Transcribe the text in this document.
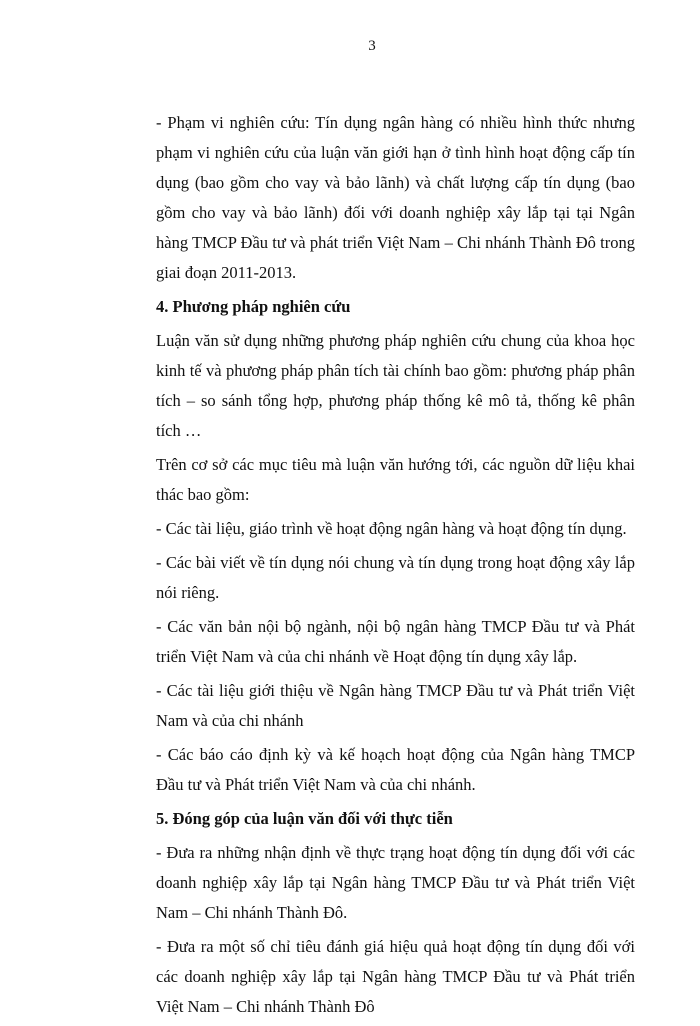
3

- Phạm vi nghiên cứu: Tín dụng ngân hàng có nhiều hình thức nhưng phạm vi nghiên cứu của luận văn giới hạn ở tình hình hoạt động cấp tín dụng (bao gồm cho vay và bảo lãnh) và chất lượng cấp tín dụng (bao gồm cho vay và bảo lãnh) đối với doanh nghiệp xây lắp tại tại Ngân hàng TMCP Đầu tư và phát triển Việt Nam – Chi nhánh Thành Đô trong giai đoạn 2011-2013.

4. Phương pháp nghiên cứu

Luận văn sử dụng những phương pháp nghiên cứu chung của khoa học kinh tế và phương pháp phân tích tài chính bao gồm: phương pháp phân tích – so sánh tổng hợp, phương pháp thống kê mô tả, thống kê phân tích …

Trên cơ sở các mục tiêu mà luận văn hướng tới, các nguồn dữ liệu khai thác bao gồm:

- Các tài liệu, giáo trình về hoạt động ngân hàng và hoạt động tín dụng.

- Các bài viết về tín dụng nói chung và tín dụng trong hoạt động xây lắp nói riêng.

- Các văn bản nội bộ ngành, nội bộ ngân hàng TMCP Đầu tư và Phát triển Việt Nam và của chi nhánh về Hoạt động tín dụng xây lắp.

- Các tài liệu giới thiệu về Ngân hàng TMCP Đầu tư và Phát triển Việt Nam và của chi nhánh

- Các báo cáo định kỳ và kế hoạch hoạt động của Ngân hàng TMCP Đầu tư và Phát triển Việt Nam và của chi nhánh.

5. Đóng góp của luận văn đối với thực tiễn

- Đưa ra những nhận định về thực trạng hoạt động tín dụng đối với các doanh nghiệp xây lắp tại Ngân hàng TMCP Đầu tư và Phát triển Việt Nam – Chi nhánh Thành Đô.

- Đưa ra một số chỉ tiêu đánh giá hiệu quả hoạt động tín dụng đối với các doanh nghiệp xây lắp tại Ngân hàng TMCP Đầu tư và Phát triển Việt Nam – Chi nhánh Thành Đô
